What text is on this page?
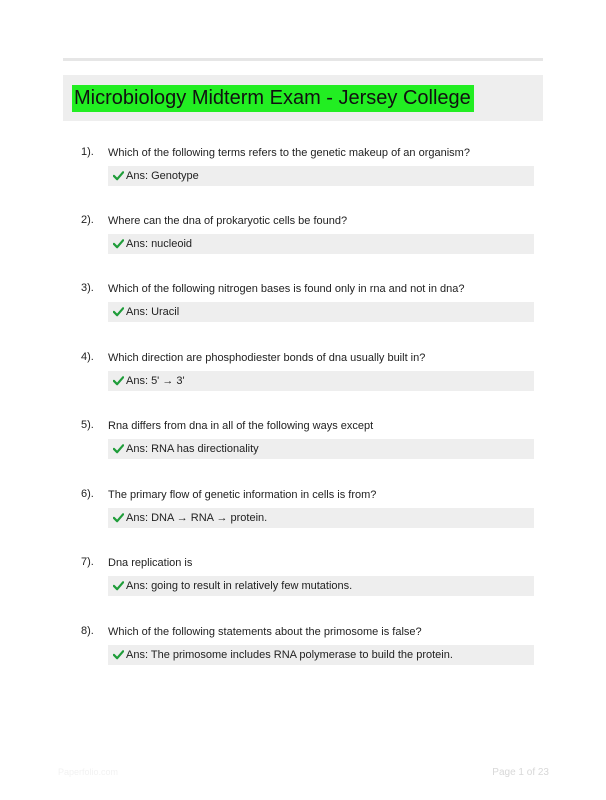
Microbiology Midterm Exam - Jersey College
1). Which of the following terms refers to the genetic makeup of an organism?
Ans: Genotype
2). Where can the dna of prokaryotic cells be found?
Ans: nucleoid
3). Which of the following nitrogen bases is found only in rna and not in dna?
Ans: Uracil
4). Which direction are phosphodiester bonds of dna usually built in?
Ans: 5' → 3'
5). Rna differs from dna in all of the following ways except
Ans: RNA has directionality
6). The primary flow of genetic information in cells is from?
Ans: DNA → RNA → protein.
7). Dna replication is
Ans: going to result in relatively few mutations.
8). Which of the following statements about the primosome is false?
Ans: The primosome includes RNA polymerase to build the protein.
Paperfolio.com	Page 1 of 23
